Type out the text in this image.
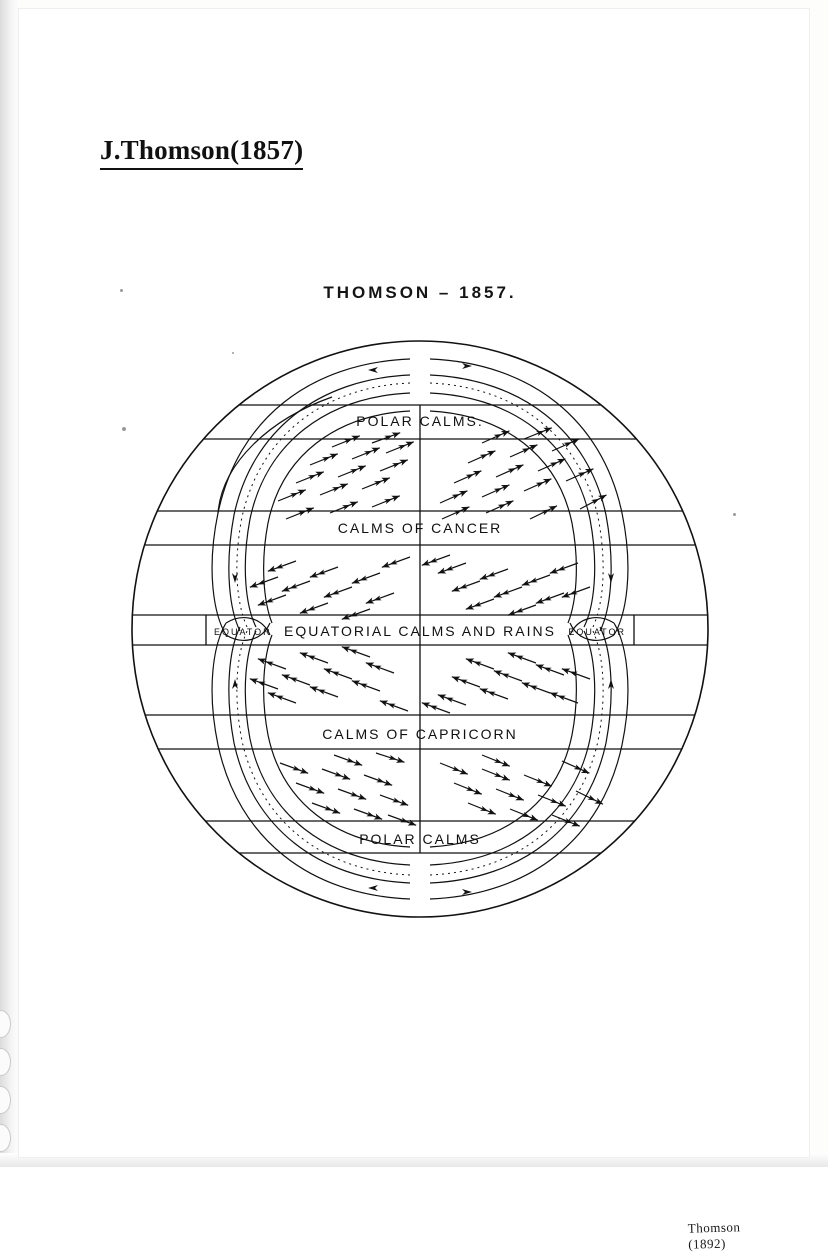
J.Thomson(1857)
THOMSON – 1857.
POLAR CALMS.
CALMS OF CANCER
EQUATOR EQUATORIAL CALMS AND RAINS EQUATOR
CALMS OF CAPRICORN
POLAR CALMS
Thomson (1892)
